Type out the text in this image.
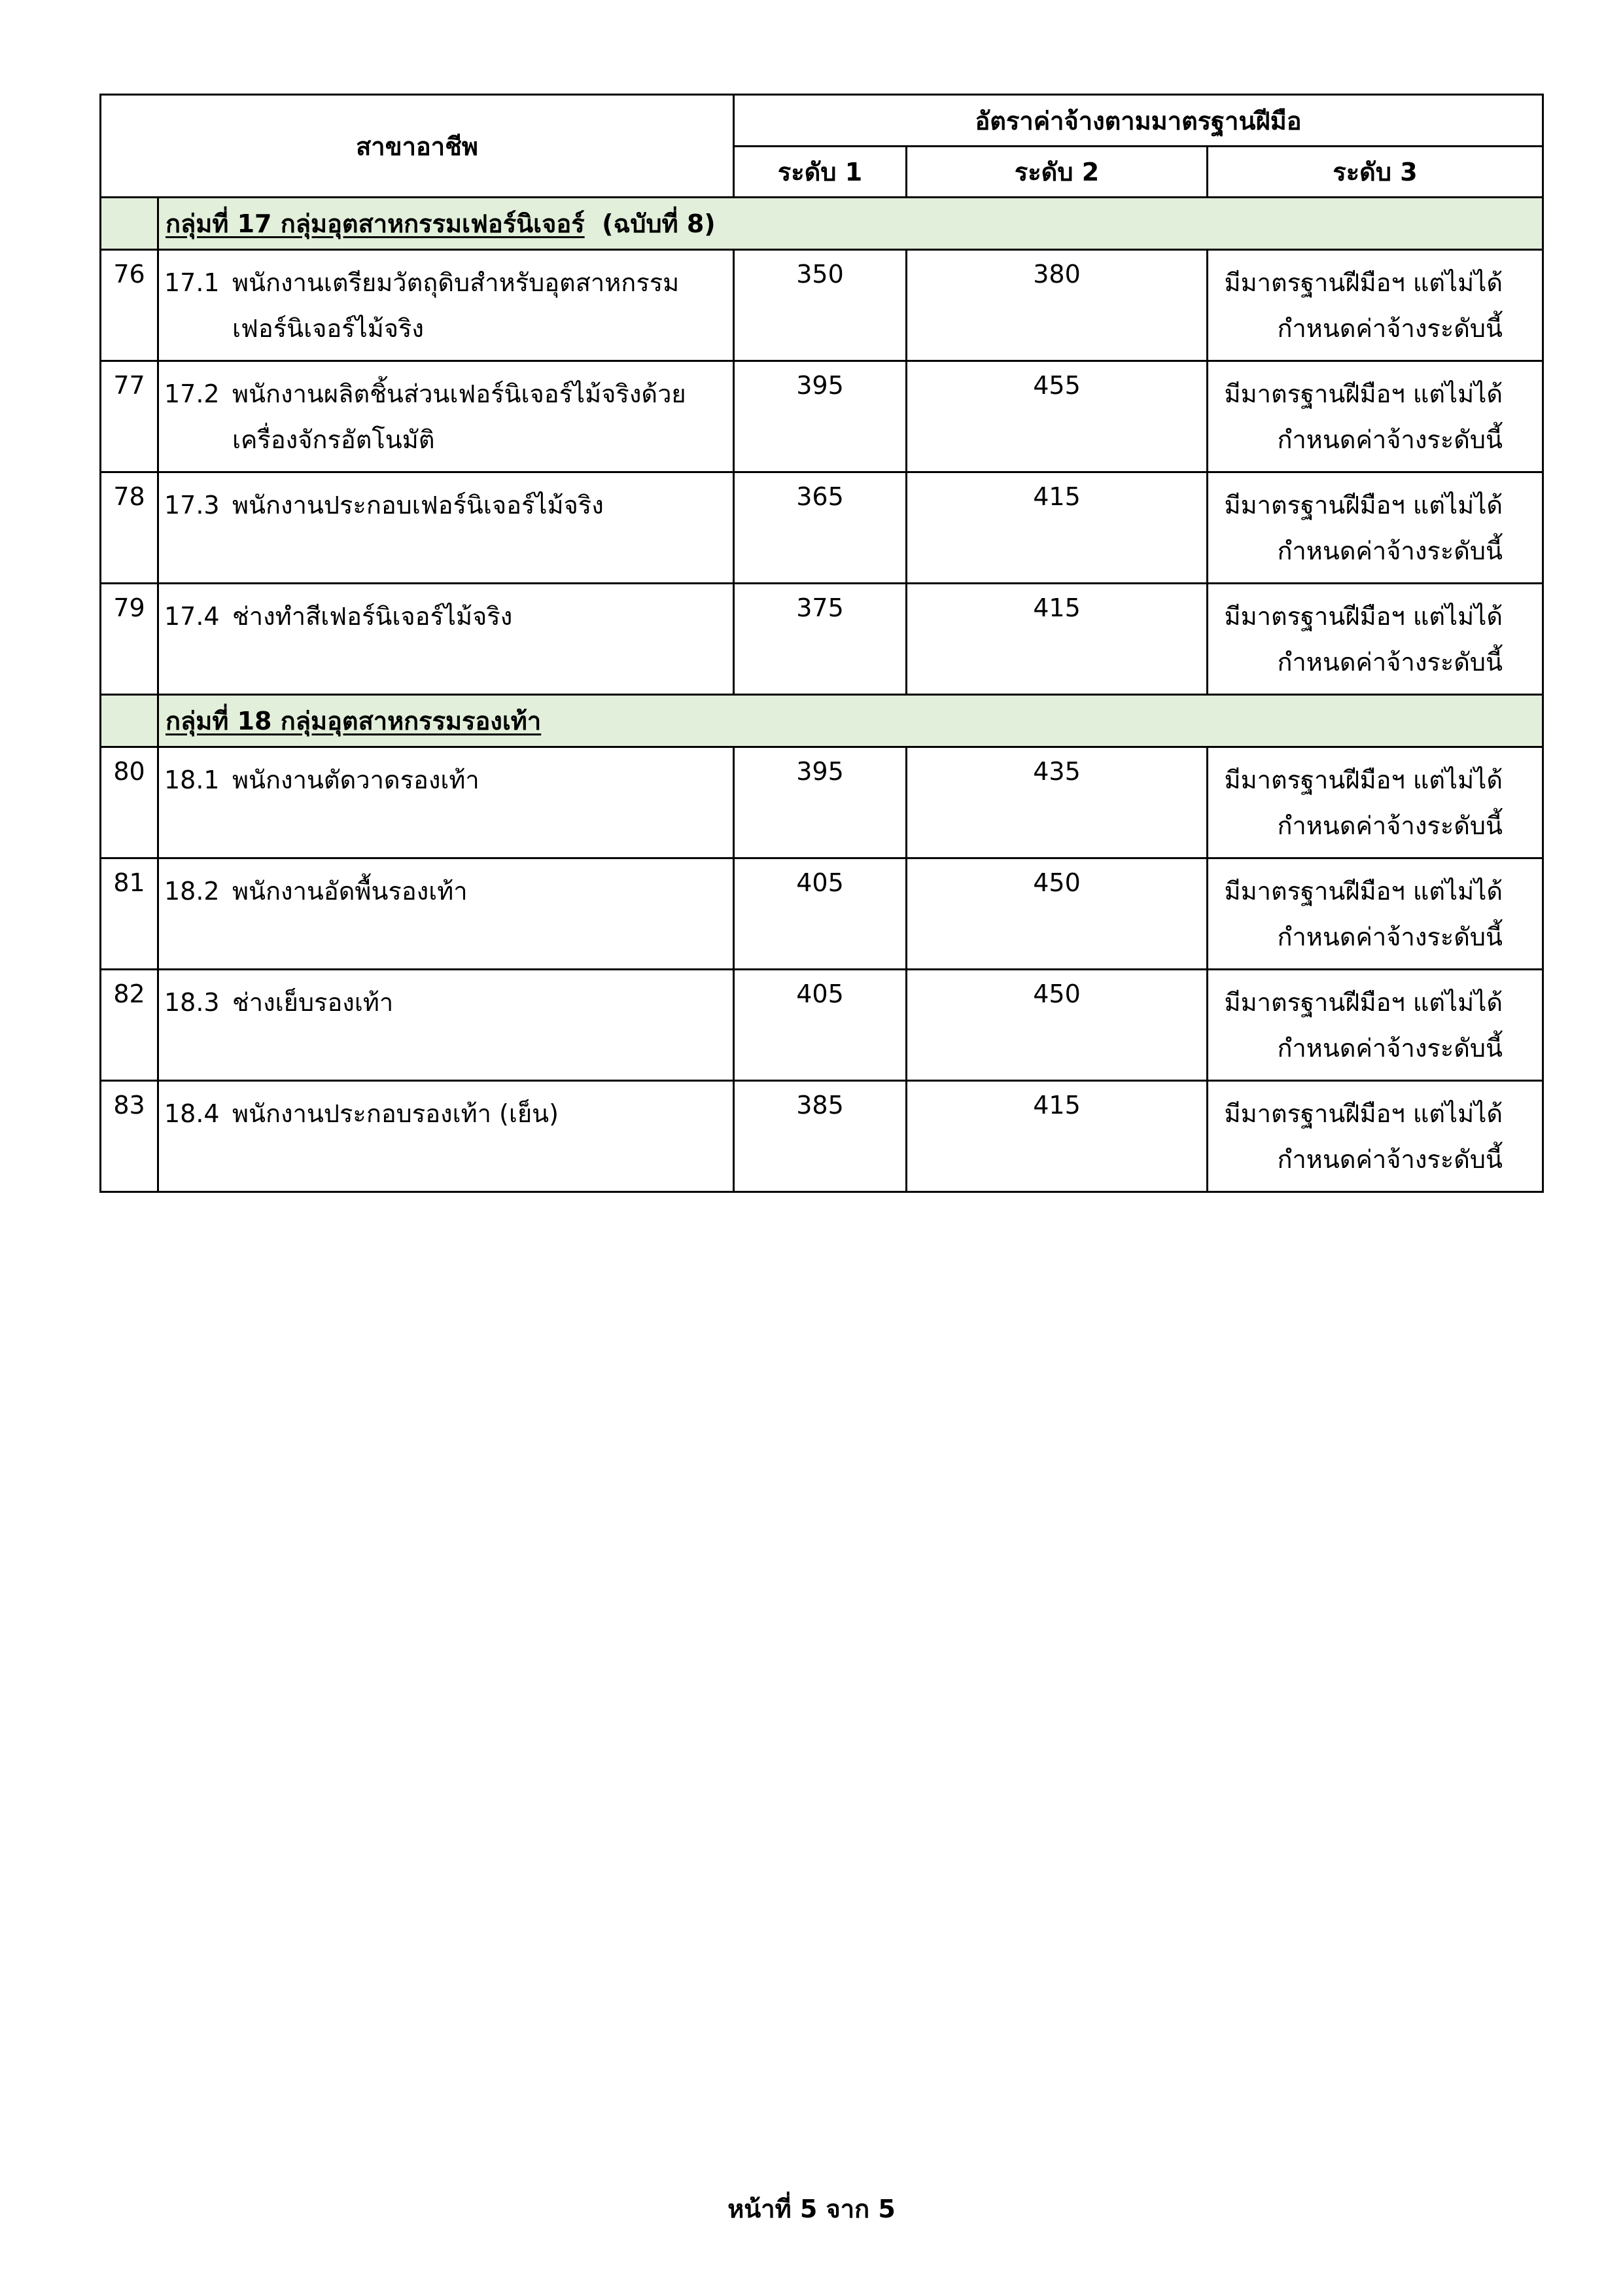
สาขาอาชีพ		อัตราค่าจ้างตามมาตรฐานฝีมือ		
		ระดับ 1	ระดับ 2	ระดับ 3
	กลุ่มที่ 17 กลุ่มอุตสาหกรรมเฟอร์นิเจอร์ (ฉบับที่ 8)			
76	17.1 พนักงานเตรียมวัตถุดิบสำหรับอุตสาหกรรมเฟอร์นิเจอร์ไม้จริง	350	380	มีมาตรฐานฝีมือฯ แต่ไม่ได้ กำหนดค่าจ้างระดับนี้
77	17.2 พนักงานผลิตชิ้นส่วนเฟอร์นิเจอร์ไม้จริงด้วยเครื่องจักรอัตโนมัติ	395	455	มีมาตรฐานฝีมือฯ แต่ไม่ได้ กำหนดค่าจ้างระดับนี้
78	17.3 พนักงานประกอบเฟอร์นิเจอร์ไม้จริง	365	415	มีมาตรฐานฝีมือฯ แต่ไม่ได้ กำหนดค่าจ้างระดับนี้
79	17.4 ช่างทำสีเฟอร์นิเจอร์ไม้จริง	375	415	มีมาตรฐานฝีมือฯ แต่ไม่ได้ กำหนดค่าจ้างระดับนี้
	กลุ่มที่ 18 กลุ่มอุตสาหกรรมรองเท้า			
80	18.1 พนักงานตัดวาดรองเท้า	395	435	มีมาตรฐานฝีมือฯ แต่ไม่ได้ กำหนดค่าจ้างระดับนี้
81	18.2 พนักงานอัดพื้นรองเท้า	405	450	มีมาตรฐานฝีมือฯ แต่ไม่ได้ กำหนดค่าจ้างระดับนี้
82	18.3 ช่างเย็บรองเท้า	405	450	มีมาตรฐานฝีมือฯ แต่ไม่ได้ กำหนดค่าจ้างระดับนี้
83	18.4 พนักงานประกอบรองเท้า (เย็น)	385	415	มีมาตรฐานฝีมือฯ แต่ไม่ได้ กำหนดค่าจ้างระดับนี้
หน้าที่ 5 จาก 5
